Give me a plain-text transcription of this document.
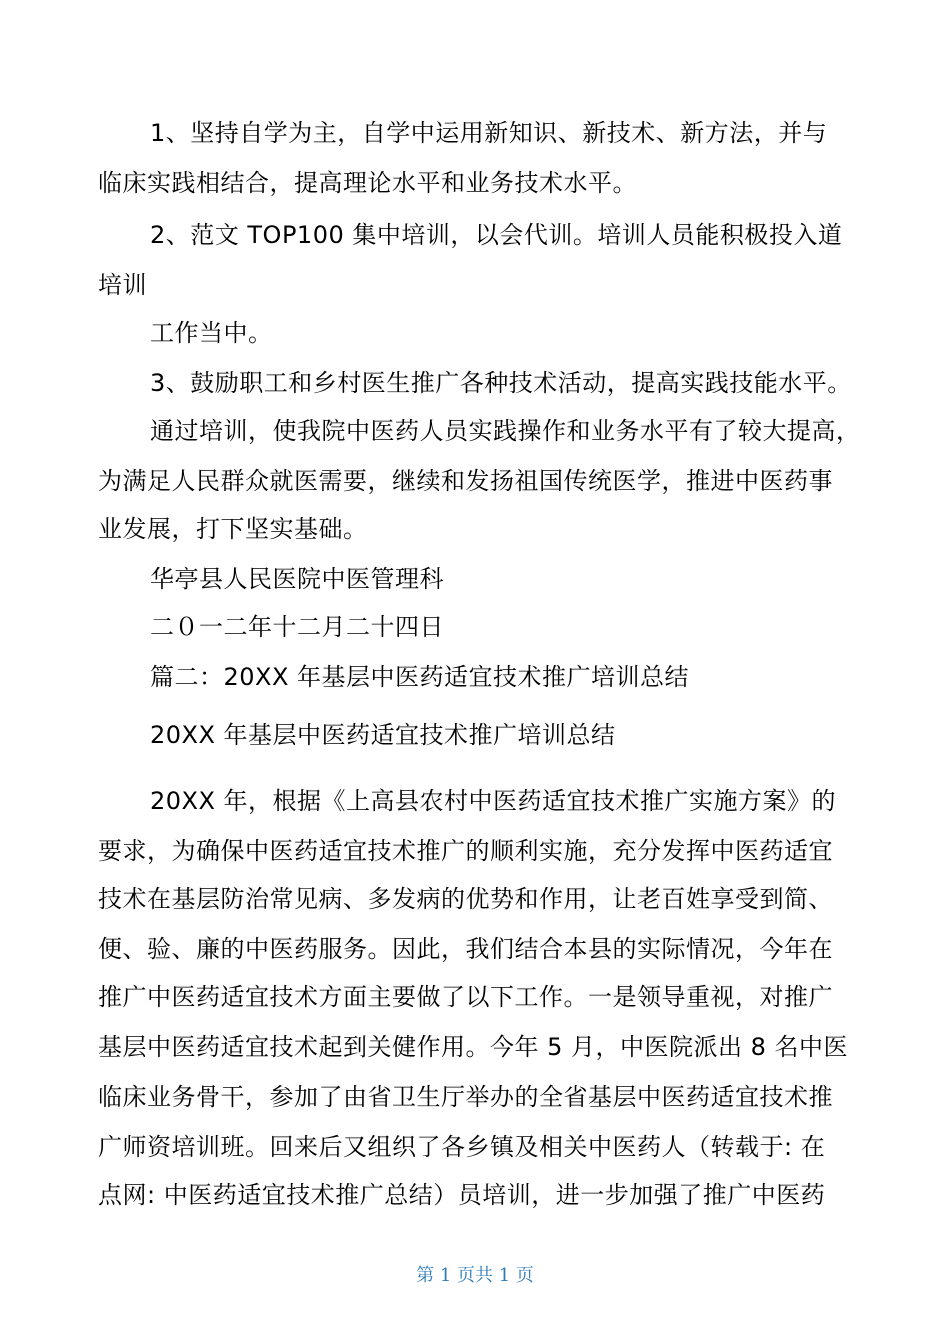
1、坚持自学为主，自学中运用新知识、新技术、新方法，并与
临床实践相结合，提高理论水平和业务技术水平。
2、范文 TOP100 集中培训，以会代训。培训人员能积极投入道
培训
工作当中。
3、鼓励职工和乡村医生推广各种技术活动，提高实践技能水平。
通过培训，使我院中医药人员实践操作和业务水平有了较大提高，
为满足人民群众就医需要，继续和发扬祖国传统医学，推进中医药事
业发展，打下坚实基础。
华亭县人民医院中医管理科
二０一二年十二月二十四日
篇二：20XX 年基层中医药适宜技术推广培训总结
20XX 年基层中医药适宜技术推广培训总结
20XX 年，根据《上高县农村中医药适宜技术推广实施方案》的
要求，为确保中医药适宜技术推广的顺利实施，充分发挥中医药适宜
技术在基层防治常见病、多发病的优势和作用，让老百姓享受到简、
便、验、廉的中医药服务。因此，我们结合本县的实际情况，今年在
推广中医药适宜技术方面主要做了以下工作。一是领导重视，对推广
基层中医药适宜技术起到关健作用。今年 5 月，中医院派出 8 名中医
临床业务骨干，参加了由省卫生厅举办的全省基层中医药适宜技术推
广师资培训班。回来后又组织了各乡镇及相关中医药人（转载于: 在
点网: 中医药适宜技术推广总结）员培训，进一步加强了推广中医药
第 1 页共 1 页
